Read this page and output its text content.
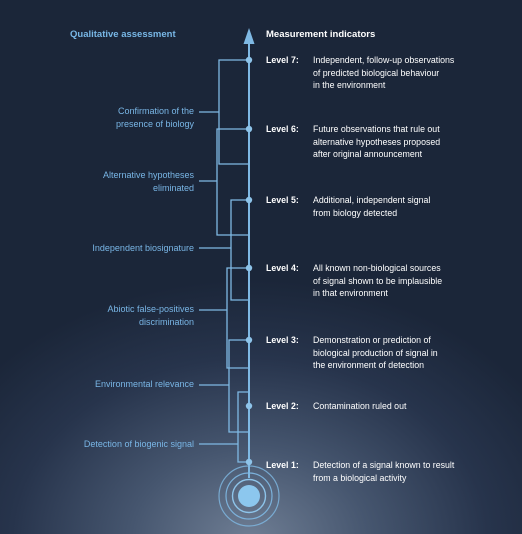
Qualitative assessment	Measurement indicators
Confirmation of the
presence of biology
Alternative hypotheses
eliminated
Independent biosignature
Abiotic false-positives
discrimination
Environmental relevance
Detection of biogenic signal
Level 7: Independent, follow-up observations
of predicted biological behaviour
in the environment
Level 6: Future observations that rule out
alternative hypotheses proposed
after original announcement
Level 5: Additional, independent signal
from biology detected
Level 4: All known non-biological sources
of signal shown to be implausible
in that environment
Level 3: Demonstration or prediction of
biological production of signal in
the environment of detection
Level 2: Contamination ruled out
Level 1: Detection of a signal known to result
from a biological activity
